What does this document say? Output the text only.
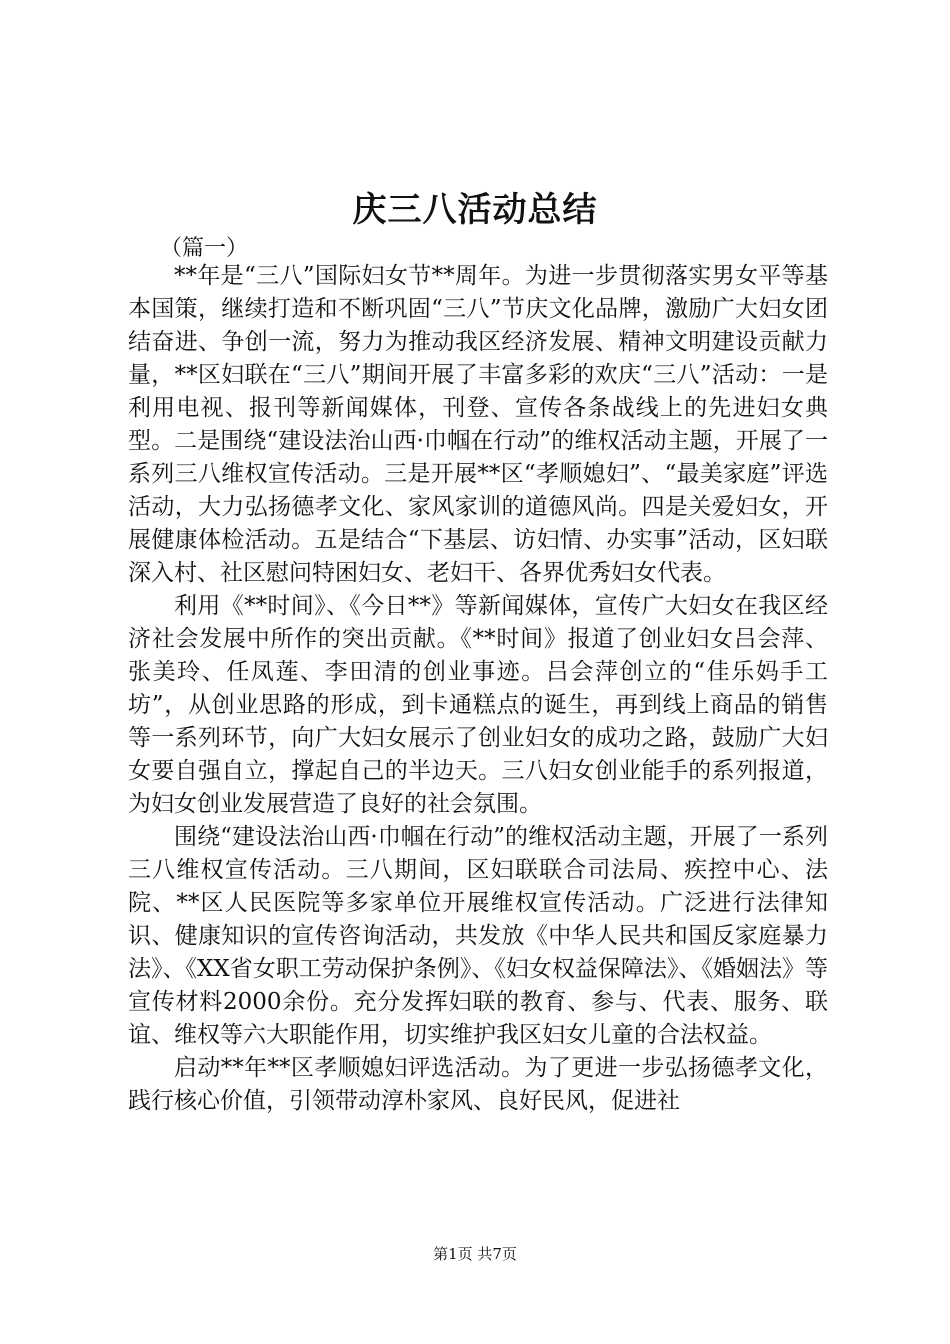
庆三八活动总结
（篇一）

**年是“三八”国际妇女节**周年。为进一步贯彻落实男女平等基本国策，继续打造和不断巩固“三八”节庆文化品牌，激励广大妇女团结奋进、争创一流，努力为推动我区经济发展、精神文明建设贡献力量，**区妇联在“三八”期间开展了丰富多彩的欢庆“三八”活动：一是利用电视、报刊等新闻媒体，刊登、宣传各条战线上的先进妇女典型。二是围绕“建设法治山西·巾帼在行动”的维权活动主题，开展了一系列三八维权宣传活动。三是开展**区“孝顺媳妇”、“最美家庭”评选活动，大力弘扬德孝文化、家风家训的道德风尚。四是关爱妇女，开展健康体检活动。五是结合“下基层、访妇情、办实事”活动，区妇联深入村、社区慰问特困妇女、老妇干、各界优秀妇女代表。

利用《**时间》、《今日**》等新闻媒体，宣传广大妇女在我区经济社会发展中所作的突出贡献。《**时间》报道了创业妇女吕会萍、张美玲、任凤莲、李田清的创业事迹。吕会萍创立的“佳乐妈手工坊”，从创业思路的形成，到卡通糕点的诞生，再到线上商品的销售等一系列环节，向广大妇女展示了创业妇女的成功之路，鼓励广大妇女要自强自立，撑起自己的半边天。三八妇女创业能手的系列报道，为妇女创业发展营造了良好的社会氛围。

围绕“建设法治山西·巾帼在行动”的维权活动主题，开展了一系列三八维权宣传活动。三八期间，区妇联联合司法局、疾控中心、法院、**区人民医院等多家单位开展维权宣传活动。广泛进行法律知识、健康知识的宣传咨询活动，共发放《中华人民共和国反家庭暴力法》、《XX省女职工劳动保护条例》、《妇女权益保障法》、《婚姻法》等宣传材料2000余份。充分发挥妇联的教育、参与、代表、服务、联谊、维权等六大职能作用，切实维护我区妇女儿童的合法权益。

启动**年**区孝顺媳妇评选活动。为了更进一步弘扬德孝文化，践行核心价值，引领带动淳朴家风、良好民风，促进社

第1页 共7页
